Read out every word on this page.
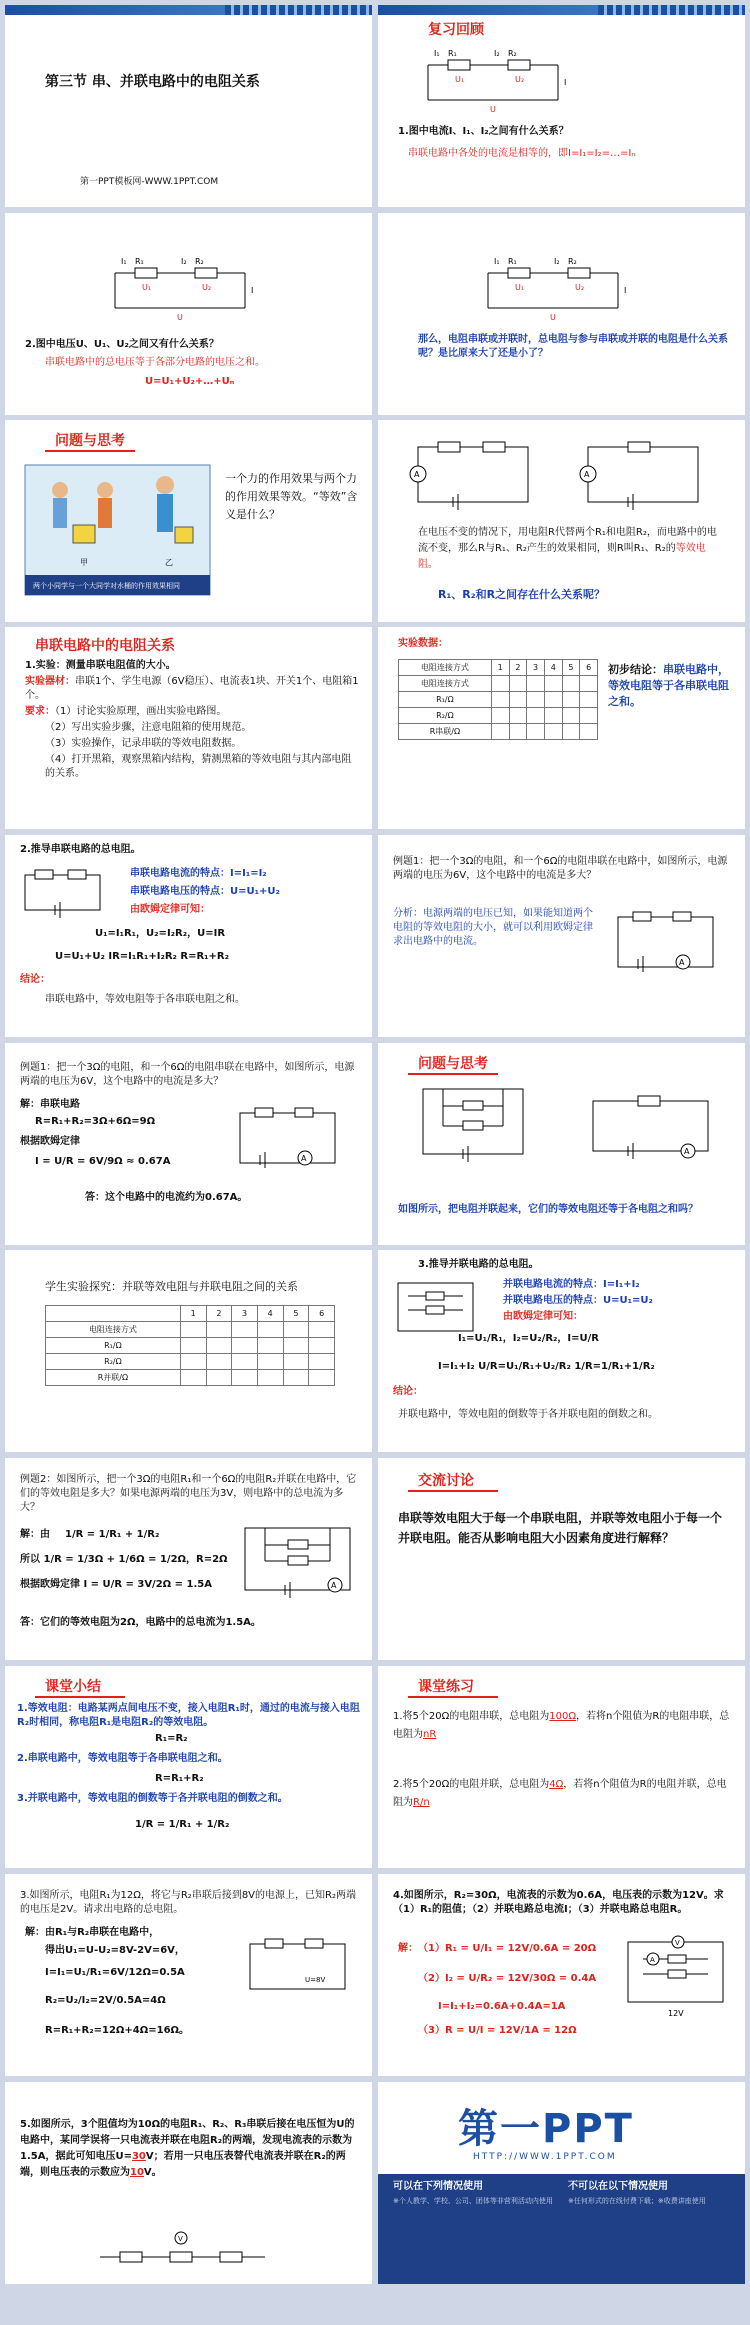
第三节 串、并联电路中的电阻关系
第一PPT模板网-WWW.1PPT.COM
复习回顾
R₁	R₂
I₁	I₂
U₁	U₂
U
I
1.图中电流I、I₁、I₂之间有什么关系？
串联电路中各处的电流是相等的，即I=I₁=I₂=…=Iₙ
R₁	R₂
I₁	I₂
U₁	U₂
U
I
2.图中电压U、U₁、U₂之间又有什么关系？
串联电路中的总电压等于各部分电路的电压之和。
U=U₁+U₂+…+Uₙ
R₁	R₂
I₁	I₂
U₁	U₂
U
I
那么，电阻串联或并联时，总电阻与参与串联或并联的电阻是什么关系呢？是比原来大了还是小了？
问题与思考
甲	乙
两个小同学与一个大同学对水桶的作用效果相同
一个力的作用效果与两个力的作用效果等效。“等效”含义是什么？
A	A
在电压不变的情况下，用电阻R代替两个R₁和电阻R₂，而电路中的电流不变，那么R与R₁、R₂产生的效果相同，则R叫R₁、R₂的等效电阻。
R₁、R₂和R之间存在什么关系呢？
串联电路中的电阻关系
1.实验：测量串联电阻值的大小。
实验器材：串联1个、学生电源（6V稳压）、电流表1块、开关1个、电阻箱1个。
要求：（1）讨论实验原理，画出实验电路图。
（2）写出实验步骤，注意电阻箱的使用规范。
（3）实验操作，记录串联的等效电阻数据。
（4）打开黑箱，观察黑箱内结构，猜测黑箱的等效电阻与其内部电阻的关系。
实验数据：
电阻连接方式	1	2	3	4	5	6
电阻连接方式						
R₁/Ω						
R₂/Ω						
R串联/Ω						
初步结论：串联电路中，等效电阻等于各串联电阻之和。
2.推导串联电路的总电阻。
串联电路电流的特点：I=I₁=I₂
串联电路电压的特点：U=U₁+U₂
由欧姆定律可知：
U₁=I₁R₁，U₂=I₂R₂，U=IR
U=U₁+U₂ IR=I₁R₁+I₂R₂ R=R₁+R₂
结论：
串联电路中，等效电阻等于各串联电阻之和。
例题1：把一个3Ω的电阻，和一个6Ω的电阻串联在电路中，如图所示，电源两端的电压为6V，这个电路中的电流是多大？
分析：电源两端的电压已知，如果能知道两个电阻的等效电阻的大小，就可以利用欧姆定律求出电路中的电流。
A
例题1：把一个3Ω的电阻，和一个6Ω的电阻串联在电路中，如图所示，电源两端的电压为6V，这个电路中的电流是多大？
解：串联电路
R=R₁+R₂=3Ω+6Ω=9Ω
根据欧姆定律
I = U/R = 6V/9Ω ≈ 0.67A
答：这个电路中的电流约为0.67A。
A
问题与思考
A
如图所示，把电阻并联起来，它们的等效电阻还等于各电阻之和吗？
学生实验探究：并联等效电阻与并联电阻之间的关系
	1	2	3	4	5	6
电阻连接方式						
R₁/Ω						
R₂/Ω						
R并联/Ω						
3.推导并联电路的总电阻。
并联电路电流的特点：I=I₁+I₂
并联电路电压的特点：U=U₁=U₂
由欧姆定律可知：
I₁=U₁/R₁，I₂=U₂/R₂，I=U/R
I=I₁+I₂ U/R=U₁/R₁+U₂/R₂ 1/R=1/R₁+1/R₂
结论：
并联电路中，等效电阻的倒数等于各并联电阻的倒数之和。
例题2：如图所示，把一个3Ω的电阻R₁和一个6Ω的电阻R₂并联在电路中，它们的等效电阻是多大？如果电源两端的电压为3V，则电路中的总电流为多大？
解：由 1/R = 1/R₁ + 1/R₂
所以 1/R = 1/3Ω + 1/6Ω = 1/2Ω，R=2Ω
根据欧姆定律 I = U/R = 3V/2Ω = 1.5A
答：它们的等效电阻为2Ω，电路中的总电流为1.5A。
A
交流讨论
串联等效电阻大于每一个串联电阻，并联等效电阻小于每一个并联电阻。能否从影响电阻大小因素角度进行解释？
课堂小结
1.等效电阻：电路某两点间电压不变，接入电阻R₁时，通过的电流与接入电阻R₂时相同，称电阻R₁是电阻R₂的等效电阻。
R₁=R₂
2.串联电路中，等效电阻等于各串联电阻之和。
R=R₁+R₂
3.并联电路中，等效电阻的倒数等于各并联电阻的倒数之和。
1/R = 1/R₁ + 1/R₂
课堂练习
1.将5个20Ω的电阻串联，总电阻为100Ω，若将n个阻值为R的电阻串联，总电阻为nR
2.将5个20Ω的电阻并联，总电阻为4Ω，若将n个阻值为R的电阻并联，总电阻为R/n
3.如图所示，电阻R₁为12Ω，将它与R₂串联后接到8V的电源上，已知R₂两端的电压是2V。请求出电路的总电阻。
解：由R₁与R₂串联在电路中，
得出U₁=U-U₂=8V-2V=6V，
I=I₁=U₁/R₁=6V/12Ω=0.5A
R₂=U₂/I₂=2V/0.5A=4Ω
R=R₁+R₂=12Ω+4Ω=16Ω。
U=8V
4.如图所示，R₂=30Ω，电流表的示数为0.6A，电压表的示数为12V。求（1）R₁的阻值；（2）并联电路总电流I；（3）并联电路总电阻R。
解： （1）R₁ = U/I₁ = 12V/0.6A = 20Ω
（2）I₂ = U/R₂ = 12V/30Ω = 0.4A
I=I₁+I₂=0.6A+0.4A=1A
（3）R = U/I = 12V/1A = 12Ω
A
V
12V
5.如图所示，3个阻值均为10Ω的电阻R₁、R₂、R₃串联后接在电压恒为U的电路中，某同学误将一只电流表并联在电阻R₂的两端，发现电流表的示数为1.5A，据此可知电压U=30V；若用一只电压表替代电流表并联在R₂的两端，则电压表的示数应为10V。
V
第一PPT
HTTP://WWW.1PPT.COM
可以在下列情况使用
※个人教学、学校、公司、团体等非营利活动内使用
不可以在以下情况使用
※任何形式的在线付费下载；※收费讲座使用
